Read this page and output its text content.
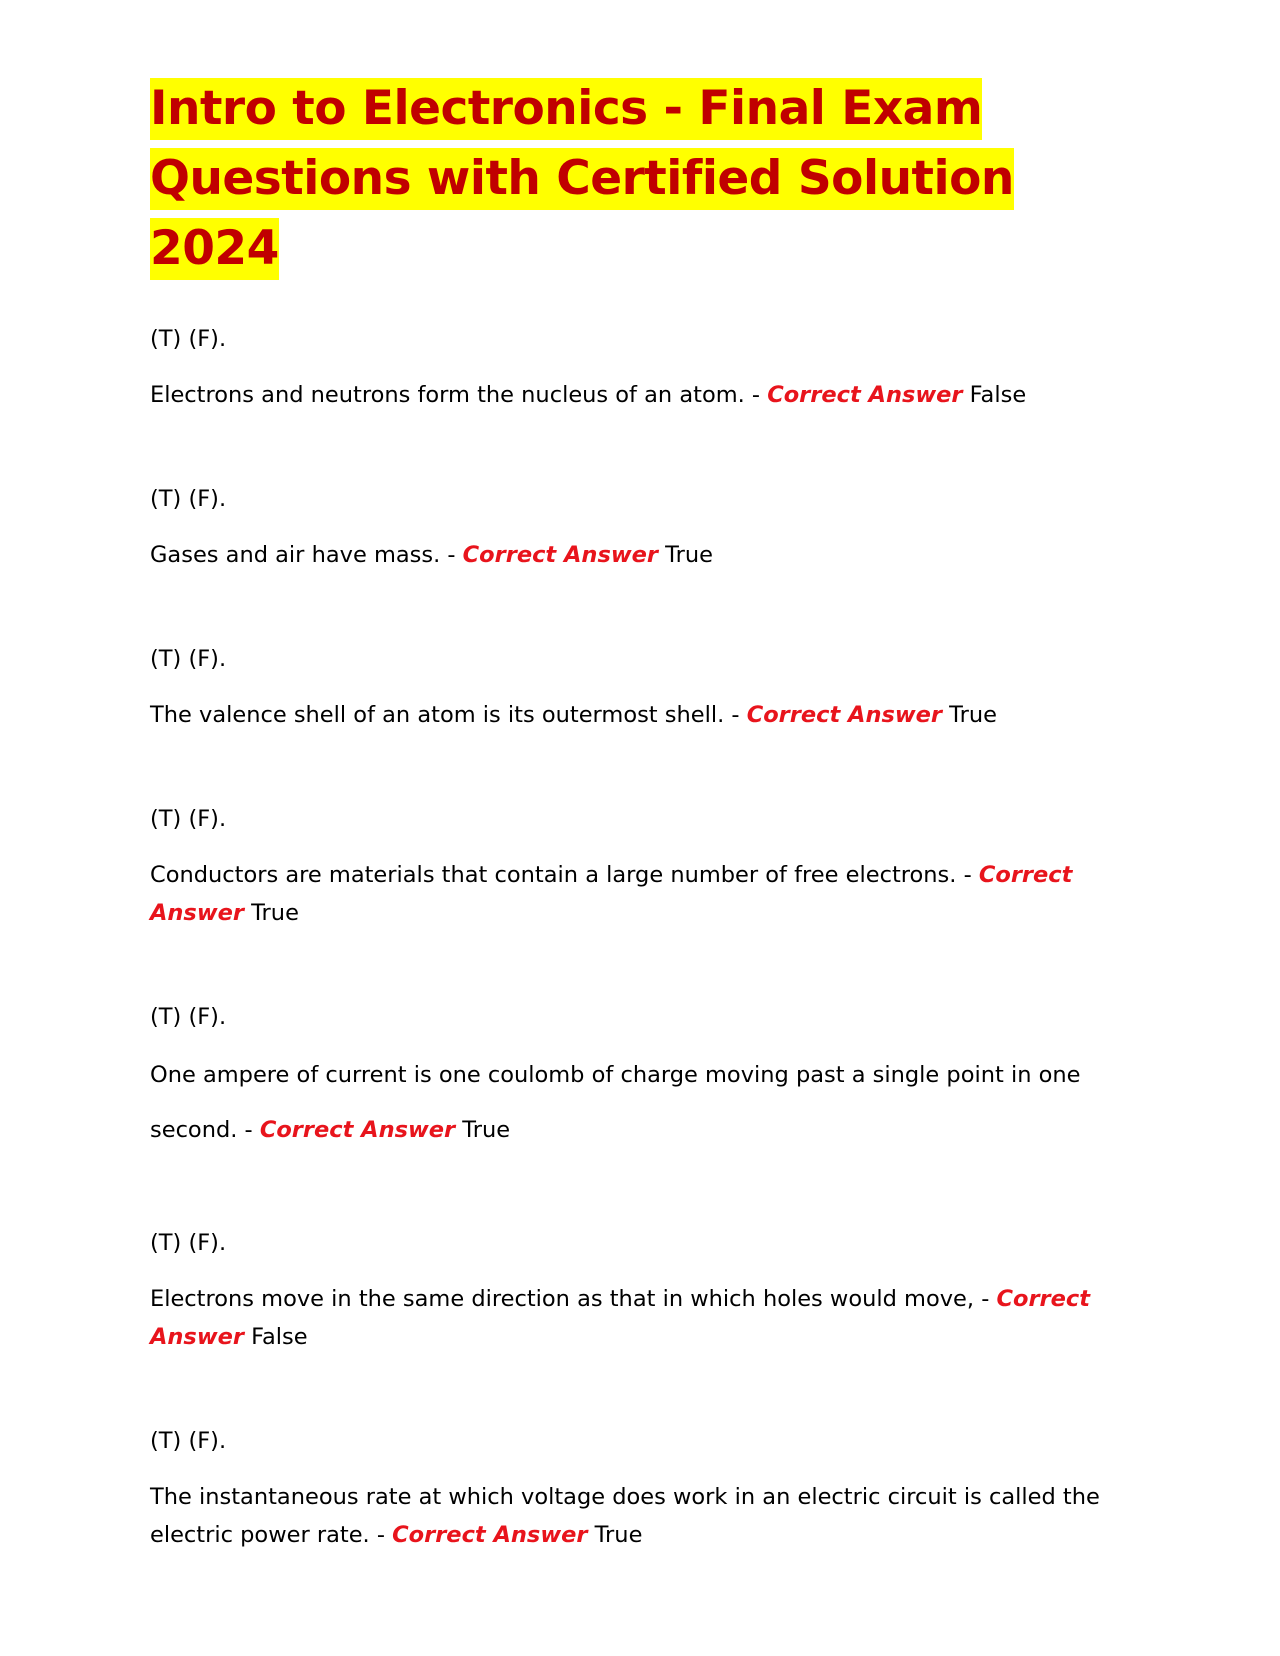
Intro to Electronics - Final Exam Questions with Certified Solution 2024

(T) (F).

Electrons and neutrons form the nucleus of an atom. - Correct Answer False

(T) (F).

Gases and air have mass. - Correct Answer True

(T) (F).

The valence shell of an atom is its outermost shell. - Correct Answer True

(T) (F).

Conductors are materials that contain a large number of free electrons. - Correct Answer True

(T) (F).

One ampere of current is one coulomb of charge moving past a single point in one second. - Correct Answer True

(T) (F).

Electrons move in the same direction as that in which holes would move, - Correct Answer False

(T) (F).

The instantaneous rate at which voltage does work in an electric circuit is called the electric power rate. - Correct Answer True
